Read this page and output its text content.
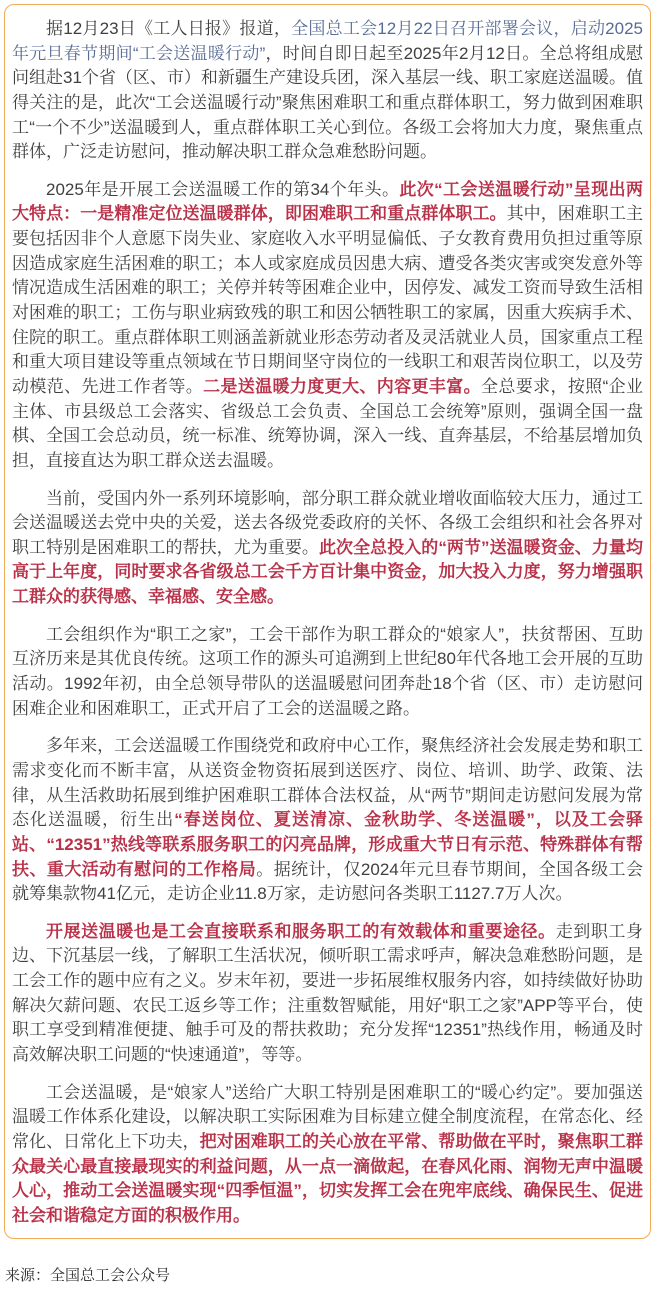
据12月23日《工人日报》报道，全国总工会12月22日召开部署会议，启动2025年元旦春节期间“工会送温暖行动”，时间自即日起至2025年2月12日。全总将组成慰问组赴31个省（区、市）和新疆生产建设兵团，深入基层一线、职工家庭送温暖。值得关注的是，此次“工会送温暖行动”聚焦困难职工和重点群体职工，努力做到困难职工“一个不少”送温暖到人，重点群体职工关心到位。各级工会将加大力度，聚焦重点群体，广泛走访慰问，推动解决职工群众急难愁盼问题。

2025年是开展工会送温暖工作的第34个年头。此次“工会送温暖行动”呈现出两大特点：一是精准定位送温暖群体，即困难职工和重点群体职工。其中，困难职工主要包括因非个人意愿下岗失业、家庭收入水平明显偏低、子女教育费用负担过重等原因造成家庭生活困难的职工；本人或家庭成员因患大病、遭受各类灾害或突发意外等情况造成生活困难的职工；关停并转等困难企业中，因停发、减发工资而导致生活相对困难的职工；工伤与职业病致残的职工和因公牺牲职工的家属，因重大疾病手术、住院的职工。重点群体职工则涵盖新就业形态劳动者及灵活就业人员，国家重点工程和重大项目建设等重点领域在节日期间坚守岗位的一线职工和艰苦岗位职工，以及劳动模范、先进工作者等。二是送温暖力度更大、内容更丰富。全总要求，按照“企业主体、市县级总工会落实、省级总工会负责、全国总工会统筹”原则，强调全国一盘棋、全国工会总动员，统一标准、统筹协调，深入一线、直奔基层，不给基层增加负担，直接直达为职工群众送去温暖。

当前，受国内外一系列环境影响，部分职工群众就业增收面临较大压力，通过工会送温暖送去党中央的关爱，送去各级党委政府的关怀、各级工会组织和社会各界对职工特别是困难职工的帮扶，尤为重要。此次全总投入的“两节”送温暖资金、力量均高于上年度，同时要求各省级总工会千方百计集中资金，加大投入力度，努力增强职工群众的获得感、幸福感、安全感。

工会组织作为“职工之家”，工会干部作为职工群众的“娘家人”，扶贫帮困、互助互济历来是其优良传统。这项工作的源头可追溯到上世纪80年代各地工会开展的互助活动。1992年初，由全总领导带队的送温暖慰问团奔赴18个省（区、市）走访慰问困难企业和困难职工，正式开启了工会的送温暖之路。

多年来，工会送温暖工作围绕党和政府中心工作，聚焦经济社会发展走势和职工需求变化而不断丰富，从送资金物资拓展到送医疗、岗位、培训、助学、政策、法律，从生活救助拓展到维护困难职工群体合法权益，从“两节”期间走访慰问发展为常态化送温暖，衍生出“春送岗位、夏送清凉、金秋助学、冬送温暖”，以及工会驿站、“12351”热线等联系服务职工的闪亮品牌，形成重大节日有示范、特殊群体有帮扶、重大活动有慰问的工作格局。据统计，仅2024年元旦春节期间，全国各级工会就筹集款物41亿元，走访企业11.8万家，走访慰问各类职工1127.7万人次。

开展送温暖也是工会直接联系和服务职工的有效载体和重要途径。走到职工身边、下沉基层一线，了解职工生活状况，倾听职工需求呼声，解决急难愁盼问题，是工会工作的题中应有之义。岁末年初，要进一步拓展维权服务内容，如持续做好协助解决欠薪问题、农民工返乡等工作；注重数智赋能，用好“职工之家”APP等平台，使职工享受到精准便捷、触手可及的帮扶救助；充分发挥“12351”热线作用，畅通及时高效解决职工问题的“快速通道”，等等。

工会送温暖，是“娘家人”送给广大职工特别是困难职工的“暖心约定”。要加强送温暖工作体系化建设，以解决职工实际困难为目标建立健全制度流程，在常态化、经常化、日常化上下功夫，把对困难职工的关心放在平常、帮助做在平时，聚焦职工群众最关心最直接最现实的利益问题，从一点一滴做起，在春风化雨、润物无声中温暖人心，推动工会送温暖实现“四季恒温”，切实发挥工会在兜牢底线、确保民生、促进社会和谐稳定方面的积极作用。

来源：全国总工会公众号
